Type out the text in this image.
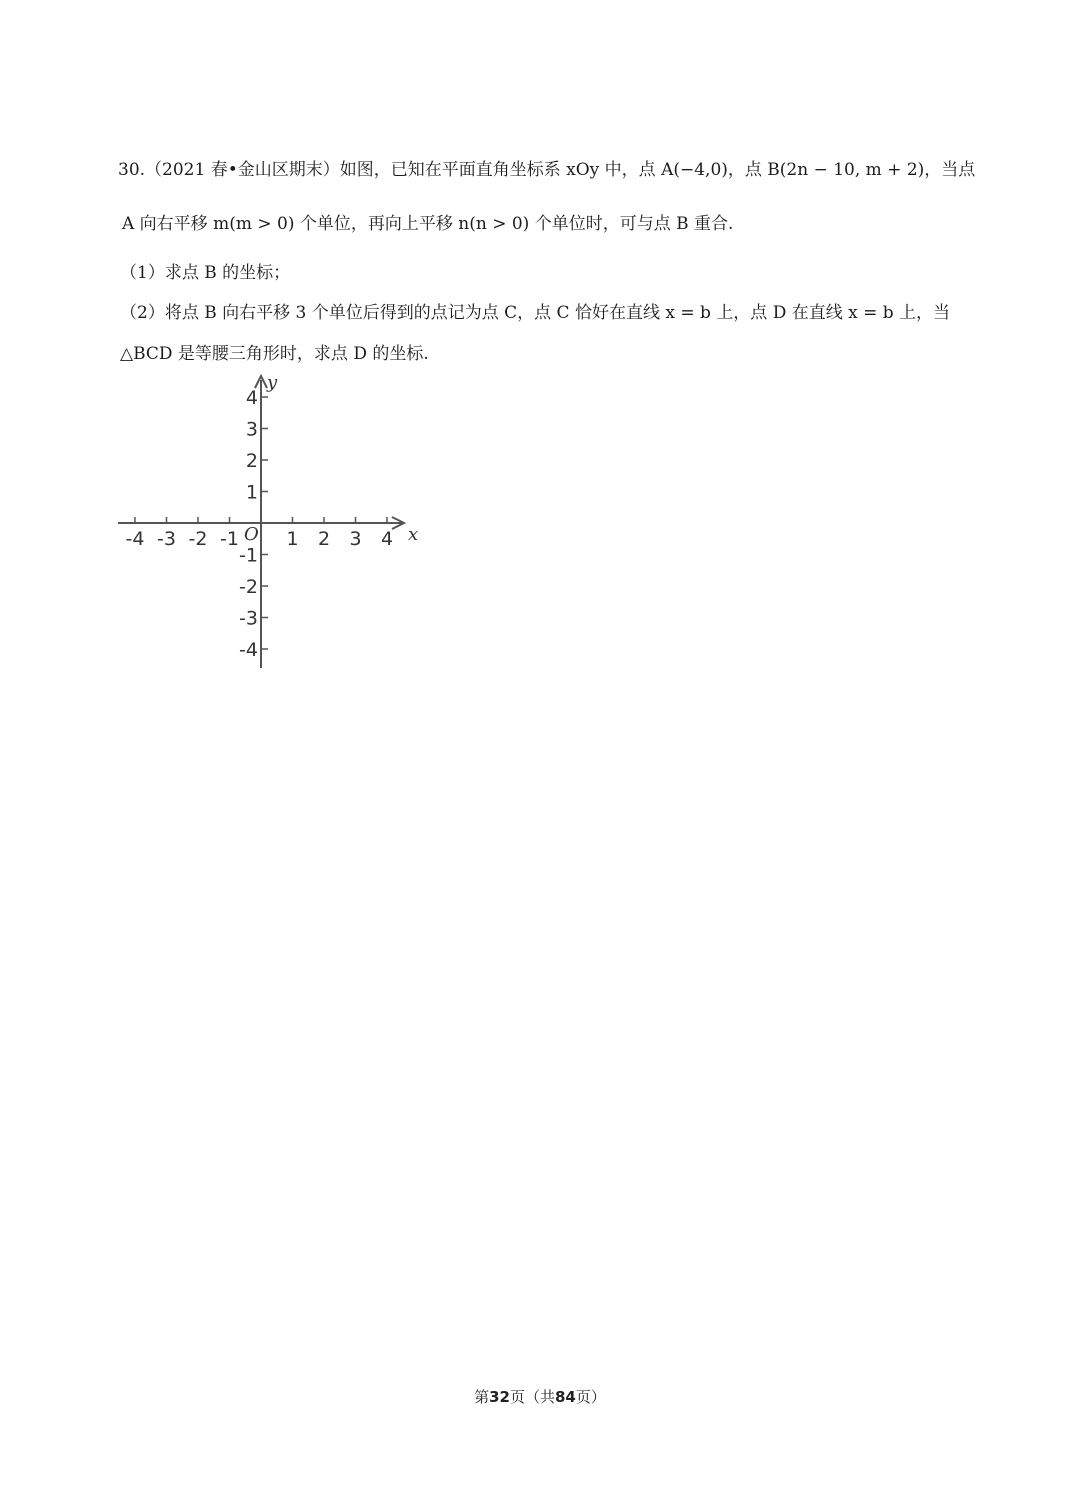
30.（2021 春•金山区期末）如图，已知在平面直角坐标系 xOy 中，点 A(−4,0)，点 B(2n − 10, m + 2)，当点
A 向右平移 m(m > 0) 个单位，再向上平移 n(n > 0) 个单位时，可与点 B 重合.
（1）求点 B 的坐标；
（2）将点 B 向右平移 3 个单位后得到的点记为点 C，点 C 恰好在直线 x = b 上，点 D 在直线 x = b 上，当
△BCD 是等腰三角形时，求点 D 的坐标.
-4 -3 -2 -1 1 2 3 4
4
3
2
1
-1
-2
-3
-4
x
y
O
第32页（共84页）
